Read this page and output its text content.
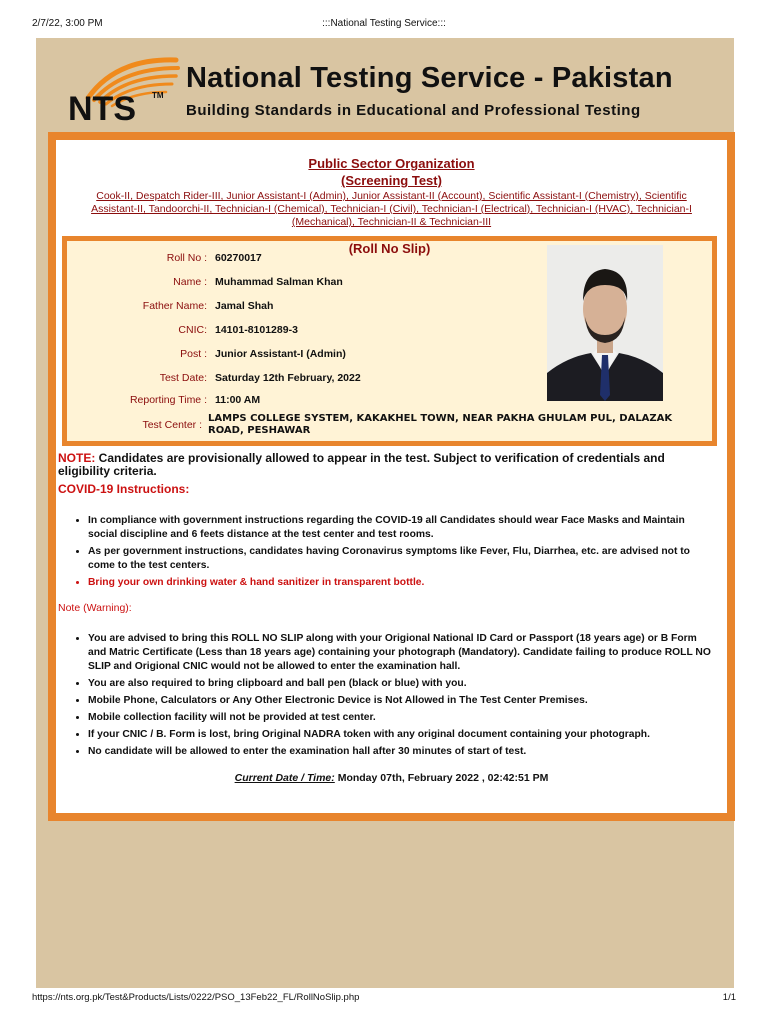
2/7/22, 3:00 PM	:::National Testing Service:::
NTS TM
National Testing Service - Pakistan
Building Standards in Educational and Professional Testing
Public Sector Organization
(Screening Test)
Cook-II, Despatch Rider-III, Junior Assistant-I (Admin), Junior Assistant-II (Account), Scientific Assistant-I (Chemistry), Scientific Assistant-II, Tandoorchi-II, Technician-I (Chemical), Technician-I (Civil), Technician-I (Electrical), Technician-I (HVAC), Technician-I (Mechanical), Technician-II & Technician-III
(Roll No Slip)
Roll No : 60270017
Name : Muhammad Salman Khan
Father Name: Jamal Shah
CNIC: 14101-8101289-3
Post : Junior Assistant-I (Admin)
Test Date: Saturday 12th February, 2022
Reporting Time : 11:00 AM
Test Center :
LAMPS COLLEGE SYSTEM, KAKAKHEL TOWN, NEAR PAKHA GHULAM PUL, DALAZAK ROAD, PESHAWAR
NOTE: Candidates are provisionally allowed to appear in the test. Subject to verification of credentials and eligibility criteria.
COVID-19 Instructions:
• In compliance with government instructions regarding the COVID-19 all Candidates should wear Face Masks and Maintain social discipline and 6 feets distance at the test center and test rooms.
• As per government instructions, candidates having Coronavirus symptoms like Fever, Flu, Diarrhea, etc. are advised not to come to the test centers.
• Bring your own drinking water & hand sanitizer in transparent bottle.
Note (Warning):
• You are advised to bring this ROLL NO SLIP along with your Origional National ID Card or Passport (18 years age) or B Form and Matric Certificate (Less than 18 years age) containing your photograph (Mandatory). Candidate failing to produce ROLL NO SLIP and Origional CNIC would not be allowed to enter the examination hall.
• You are also required to bring clipboard and ball pen (black or blue) with you.
• Mobile Phone, Calculators or Any Other Electronic Device is Not Allowed in The Test Center Premises.
• Mobile collection facility will not be provided at test center.
• If your CNIC / B. Form is lost, bring Original NADRA token with any original document containing your photograph.
• No candidate will be allowed to enter the examination hall after 30 minutes of start of test.
Current Date / Time: Monday 07th, February 2022 , 02:42:51 PM
©2022 National Testing Service All Rights Reserved
https://nts.org.pk/Test&Products/Lists/0222/PSO_13Feb22_FL/RollNoSlip.php	1/1
